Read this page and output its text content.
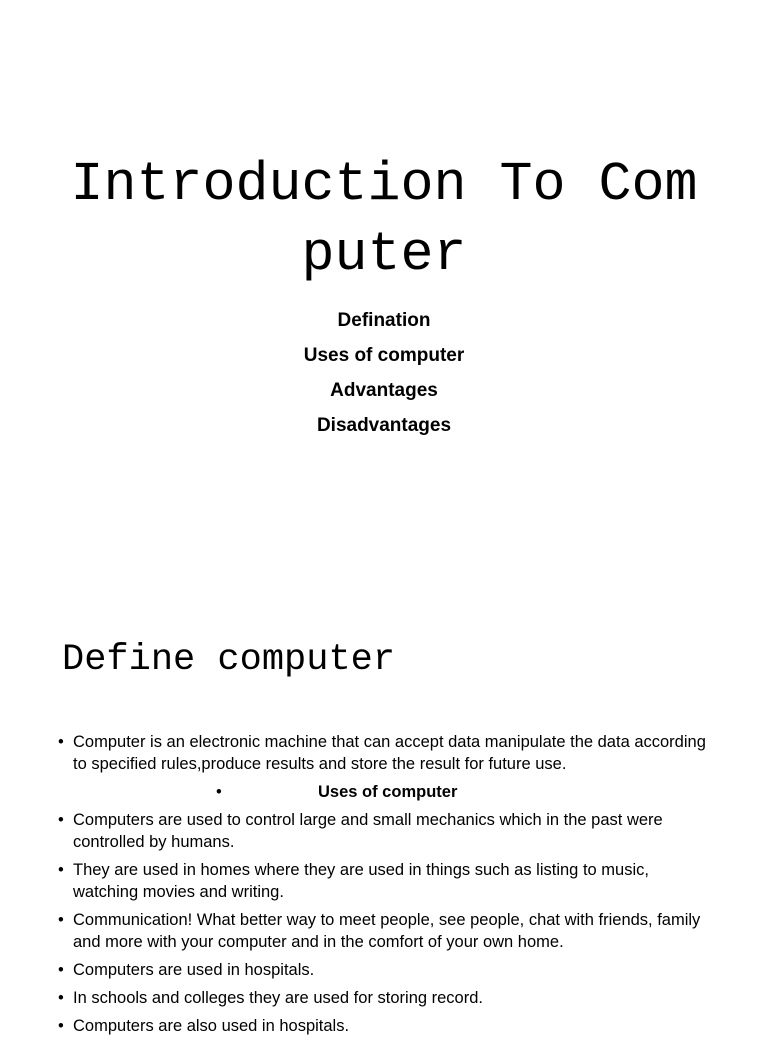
Introduction To Com
puter
Defination
Uses of computer
Advantages
Disadvantages
Define computer
• Computer is an electronic machine that can accept data manipulate the data according to specified rules,produce results and store the result for future use.
•	Uses of computer
• Computers are used to control large and small mechanics which in the past were controlled by humans.
• They are used in homes where they are used in things such as listing to music, watching movies and writing.
• Communication! What better way to meet people, see people, chat with friends, family and more with your computer and in the comfort of your own home.
• Computers are used in hospitals.
• In schools and colleges they are used for storing record.
• Computers are also used in hospitals.
